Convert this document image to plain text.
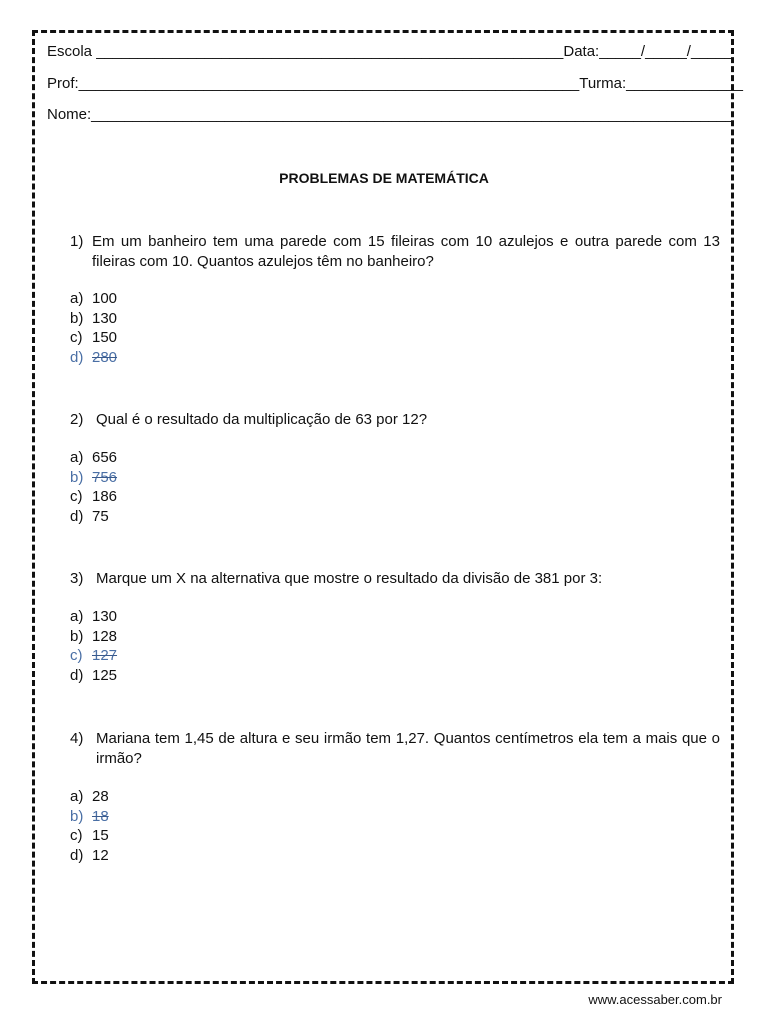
Escola ________________________________________________________Data:_____/_____/_____
Prof:____________________________________________________________Turma:______________
Nome:_____________________________________________________________________________
PROBLEMAS DE MATEMÁTICA
1) Em um banheiro tem uma parede com 15 fileiras com 10 azulejos e outra parede com 13 fileiras com 10. Quantos azulejos têm no banheiro?
a) 100
b) 130
c) 150
d) 280
2) Qual é o resultado da multiplicação de 63 por 12?
a) 656
b) 756
c) 186
d) 75
3) Marque um X na alternativa que mostre o resultado da divisão de 381 por 3:
a) 130
b) 128
c) 127
d) 125
4) Mariana tem 1,45 de altura e seu irmão tem 1,27. Quantos centímetros ela tem a mais que o irmão?
a) 28
b) 18
c) 15
d) 12
www.acessaber.com.br
